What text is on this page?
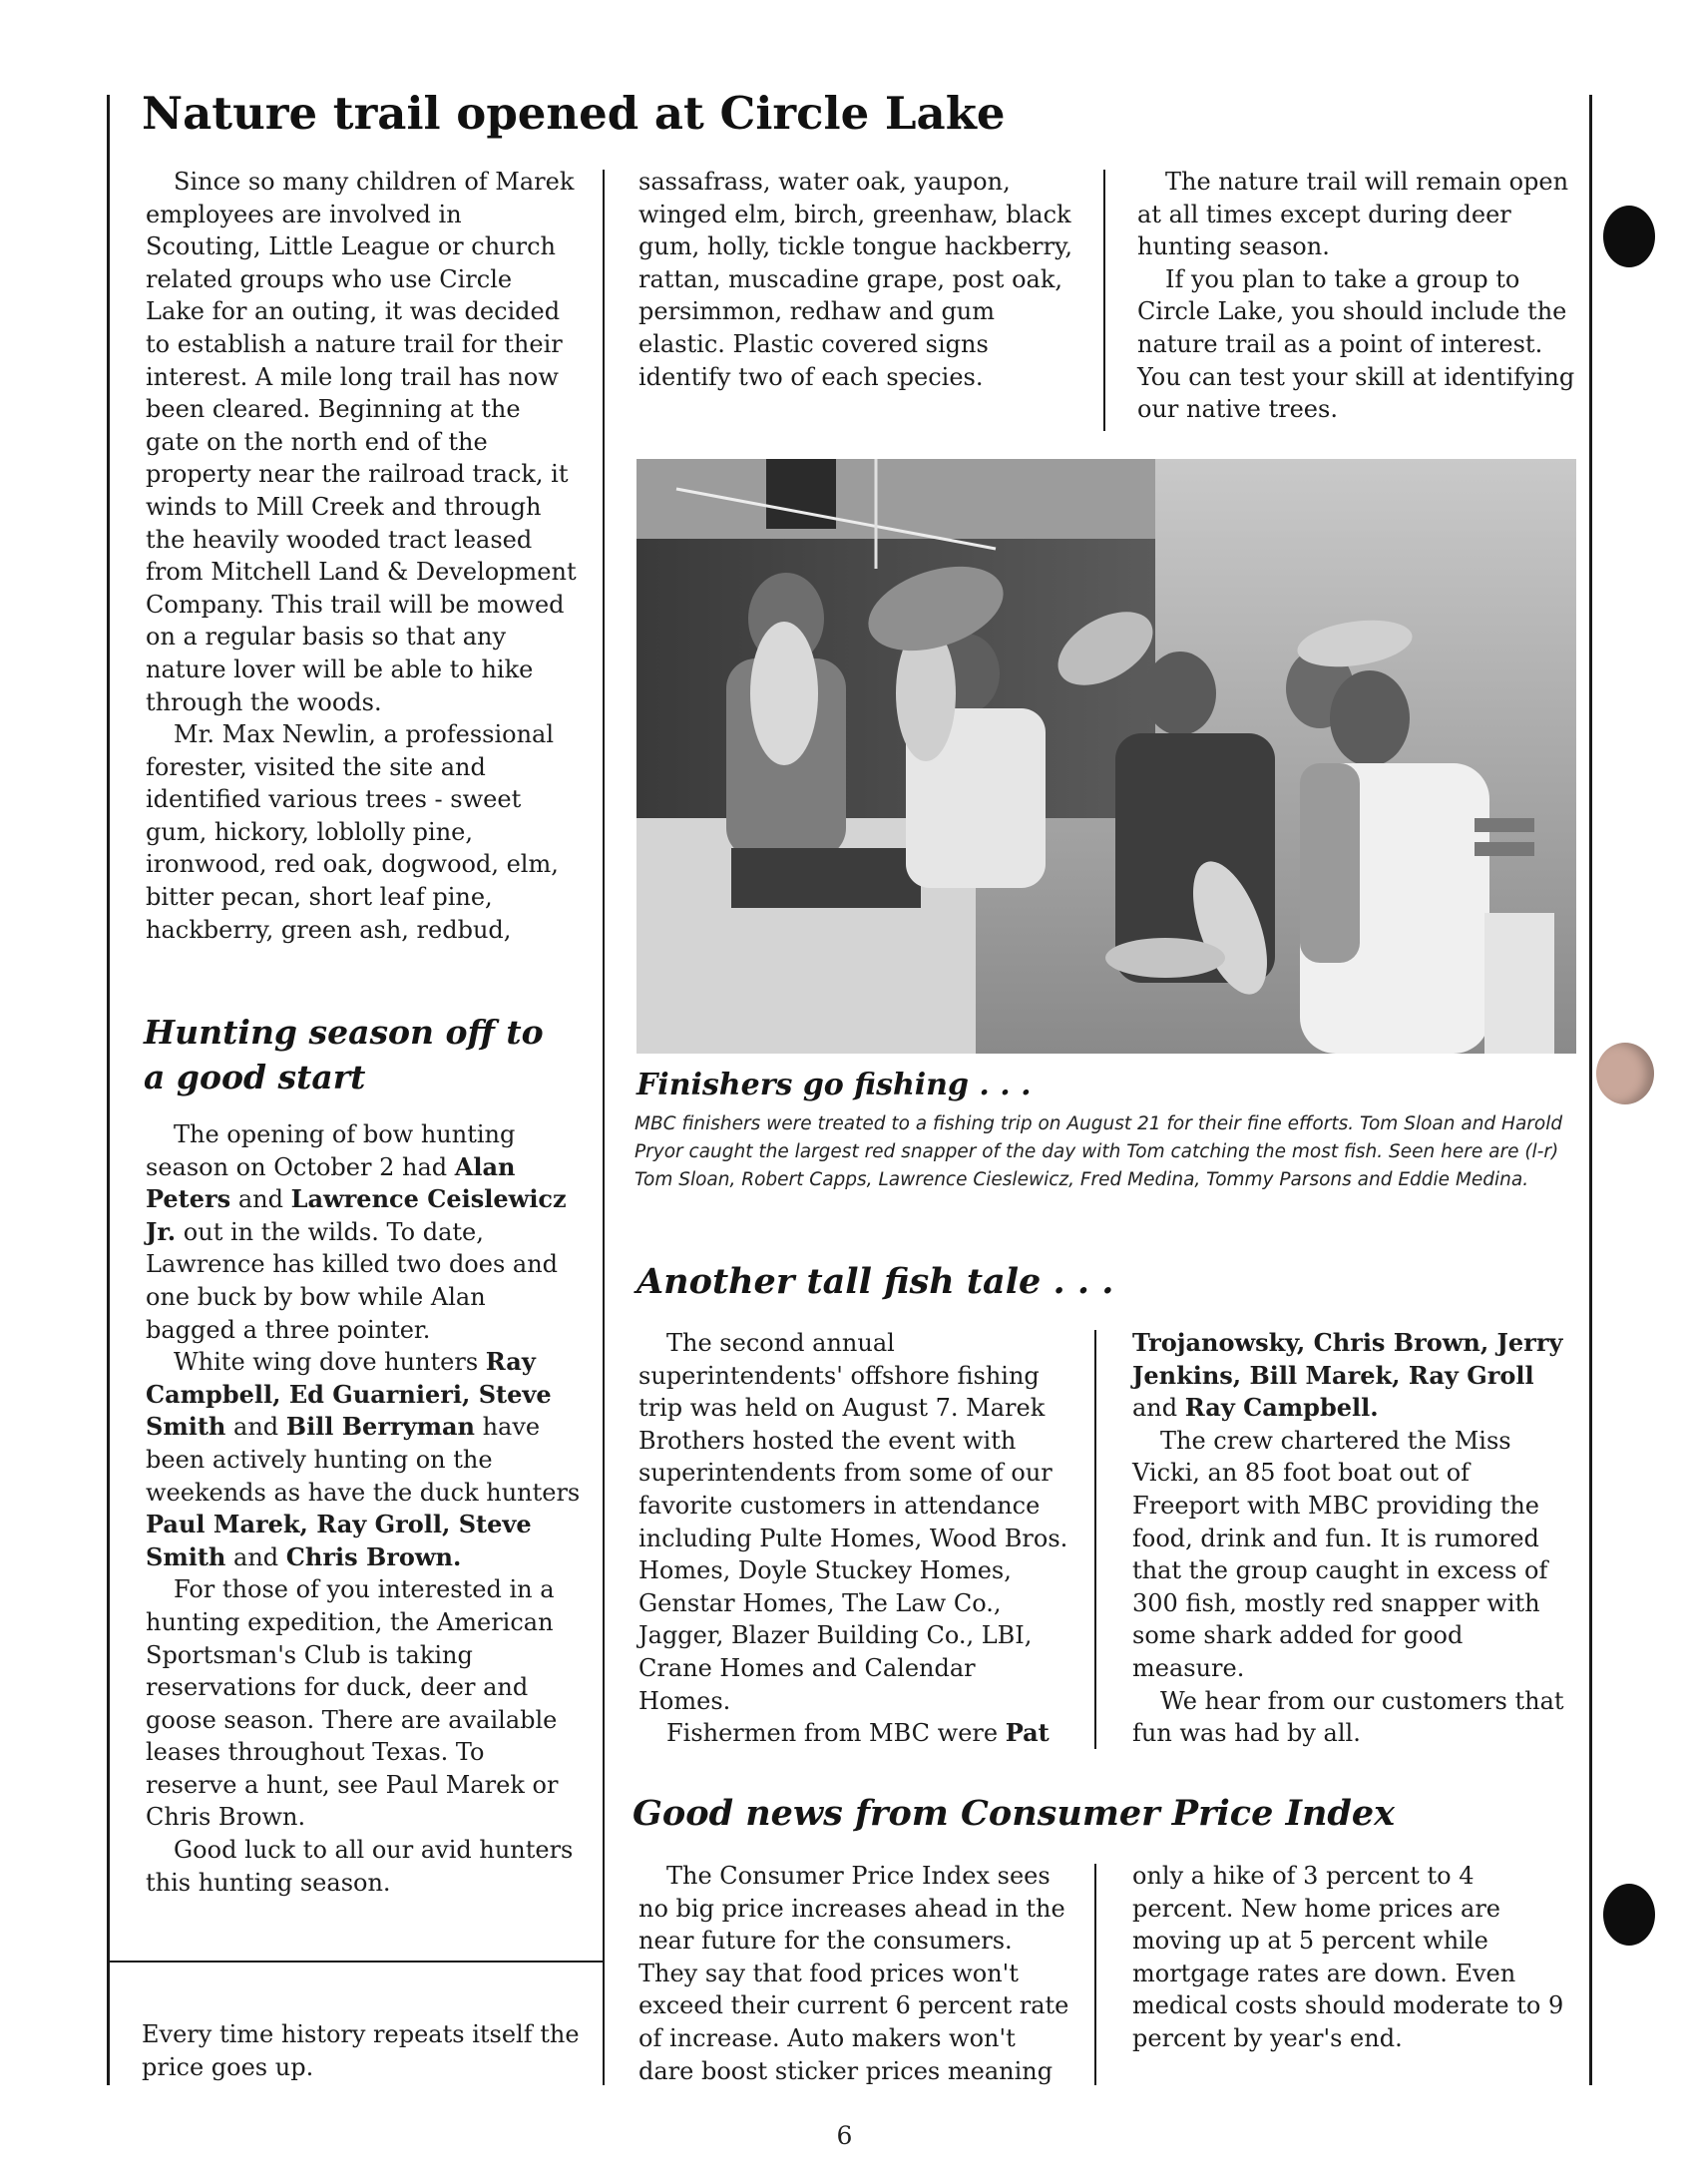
Nature trail opened at Circle Lake

Since so many children of Marek employees are involved in Scouting, Little League or church related groups who use Circle Lake for an outing, it was decided to establish a nature trail for their interest. A mile long trail has now been cleared. Beginning at the gate on the north end of the property near the railroad track, it winds to Mill Creek and through the heavily wooded tract leased from Mitchell Land & Development Company. This trail will be mowed on a regular basis so that any nature lover will be able to hike through the woods.

Mr. Max Newlin, a professional forester, visited the site and identified various trees - sweet gum, hickory, loblolly pine, ironwood, red oak, dogwood, elm, bitter pecan, short leaf pine, hackberry, green ash, redbud,

sassafrass, water oak, yaupon, winged elm, birch, greenhaw, black gum, holly, tickle tongue hackberry, rattan, muscadine grape, post oak, persimmon, redhaw and gum elastic. Plastic covered signs identify two of each species.

The nature trail will remain open at all times except during deer hunting season.

If you plan to take a group to Circle Lake, you should include the nature trail as a point of interest. You can test your skill at identifying our native trees.

Finishers go fishing . . .

MBC finishers were treated to a fishing trip on August 21 for their fine efforts. Tom Sloan and Harold Pryor caught the largest red snapper of the day with Tom catching the most fish. Seen here are (l-r) Tom Sloan, Robert Capps, Lawrence Cieslewicz, Fred Medina, Tommy Parsons and Eddie Medina.

Hunting season off to a good start

The opening of bow hunting season on October 2 had Alan Peters and Lawrence Ceislewicz Jr. out in the wilds. To date, Lawrence has killed two does and one buck by bow while Alan bagged a three pointer.

White wing dove hunters Ray Campbell, Ed Guarnieri, Steve Smith and Bill Berryman have been actively hunting on the weekends as have the duck hunters Paul Marek, Ray Groll, Steve Smith and Chris Brown.

For those of you interested in a hunting expedition, the American Sportsman's Club is taking reservations for duck, deer and goose season. There are available leases throughout Texas. To reserve a hunt, see Paul Marek or Chris Brown.

Good luck to all our avid hunters this hunting season.

Every time history repeats itself the price goes up.
Another tall fish tale . . .

The second annual superintendents' offshore fishing trip was held on August 7. Marek Brothers hosted the event with superintendents from some of our favorite customers in attendance including Pulte Homes, Wood Bros. Homes, Doyle Stuckey Homes, Genstar Homes, The Law Co., Jagger, Blazer Building Co., LBI, Crane Homes and Calendar Homes.

Fishermen from MBC were Pat

Trojanowsky, Chris Brown, Jerry Jenkins, Bill Marek, Ray Groll and Ray Campbell.

The crew chartered the Miss Vicki, an 85 foot boat out of Freeport with MBC providing the food, drink and fun. It is rumored that the group caught in excess of 300 fish, mostly red snapper with some shark added for good measure.

We hear from our customers that fun was had by all.

Good news from Consumer Price Index

The Consumer Price Index sees no big price increases ahead in the near future for the consumers. They say that food prices won't exceed their current 6 percent rate of increase. Auto makers won't dare boost sticker prices meaning

only a hike of 3 percent to 4 percent. New home prices are moving up at 5 percent while mortgage rates are down. Even medical costs should moderate to 9 percent by year's end.

6
